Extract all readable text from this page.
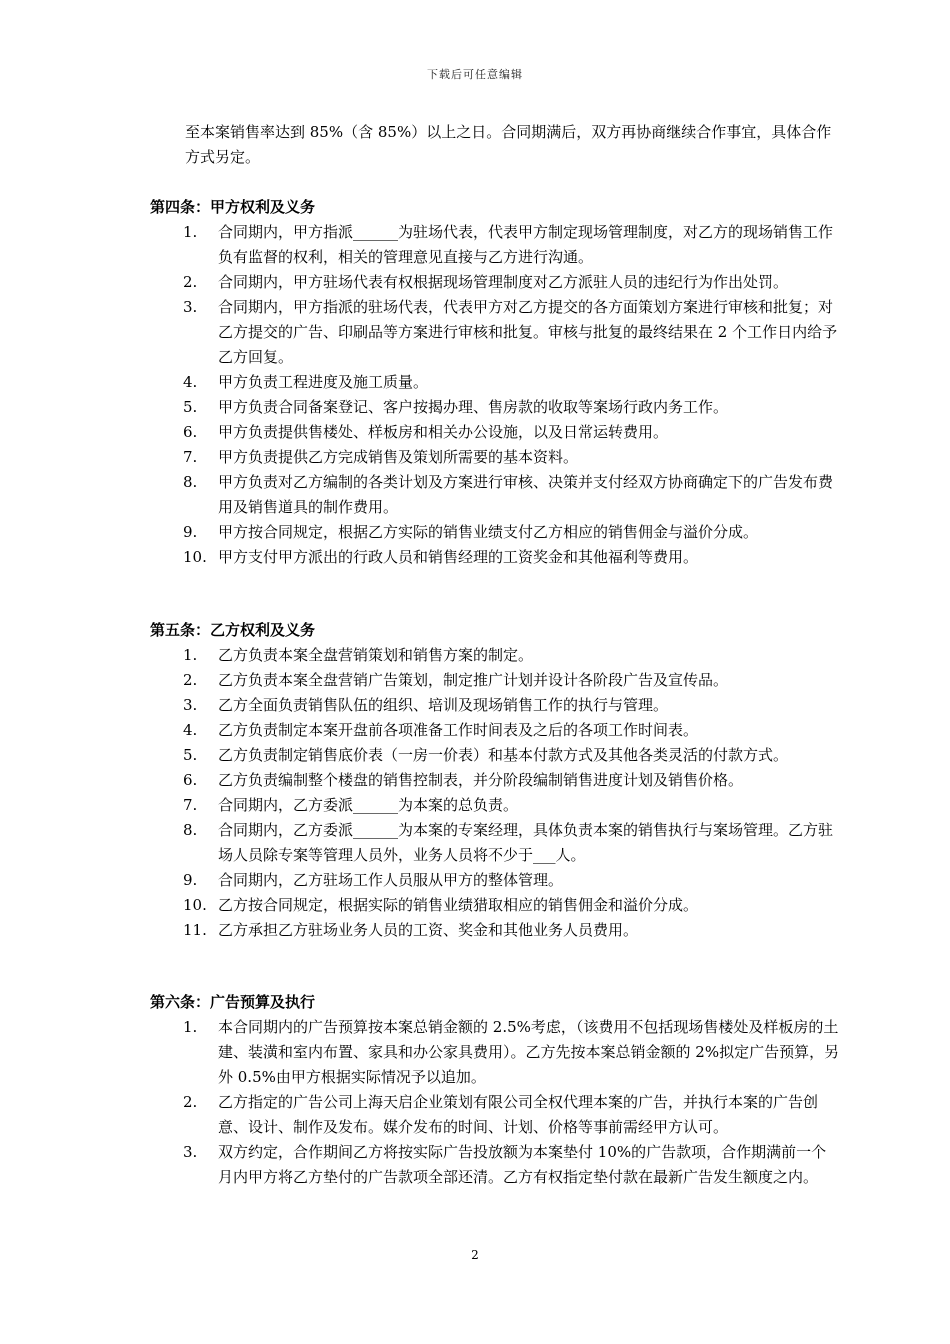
下载后可任意编辑
至本案销售率达到 85%（含 85%）以上之日。合同期满后，双方再协商继续合作事宜，具体合作方式另定。
第四条：甲方权利及义务
1.	合同期内，甲方指派______为驻场代表，代表甲方制定现场管理制度，对乙方的现场销售工作负有监督的权利，相关的管理意见直接与乙方进行沟通。
2.	合同期内，甲方驻场代表有权根据现场管理制度对乙方派驻人员的违纪行为作出处罚。
3.	合同期内，甲方指派的驻场代表，代表甲方对乙方提交的各方面策划方案进行审核和批复；对乙方提交的广告、印刷品等方案进行审核和批复。审核与批复的最终结果在 2 个工作日内给予乙方回复。
4.	甲方负责工程进度及施工质量。
5.	甲方负责合同备案登记、客户按揭办理、售房款的收取等案场行政内务工作。
6.	甲方负责提供售楼处、样板房和相关办公设施，以及日常运转费用。
7.	甲方负责提供乙方完成销售及策划所需要的基本资料。
8.	甲方负责对乙方编制的各类计划及方案进行审核、决策并支付经双方协商确定下的广告发布费用及销售道具的制作费用。
9.	甲方按合同规定，根据乙方实际的销售业绩支付乙方相应的销售佣金与溢价分成。
10. 甲方支付甲方派出的行政人员和销售经理的工资奖金和其他福利等费用。
第五条：乙方权利及义务
1.	乙方负责本案全盘营销策划和销售方案的制定。
2.	乙方负责本案全盘营销广告策划，制定推广计划并设计各阶段广告及宣传品。
3.	乙方全面负责销售队伍的组织、培训及现场销售工作的执行与管理。
4.	乙方负责制定本案开盘前各项准备工作时间表及之后的各项工作时间表。
5.	乙方负责制定销售底价表（一房一价表）和基本付款方式及其他各类灵活的付款方式。
6.	乙方负责编制整个楼盘的销售控制表，并分阶段编制销售进度计划及销售价格。
7.	合同期内，乙方委派______为本案的总负责。
8.	合同期内，乙方委派______为本案的专案经理，具体负责本案的销售执行与案场管理。乙方驻场人员除专案等管理人员外，业务人员将不少于___人。
9.	合同期内，乙方驻场工作人员服从甲方的整体管理。
10. 乙方按合同规定，根据实际的销售业绩猎取相应的销售佣金和溢价分成。
11. 乙方承担乙方驻场业务人员的工资、奖金和其他业务人员费用。
第六条：广告预算及执行
1.	本合同期内的广告预算按本案总销金额的 2.5%考虑，（该费用不包括现场售楼处及样板房的土建、装潢和室内布置、家具和办公家具费用）。乙方先按本案总销金额的 2%拟定广告预算，另外 0.5%由甲方根据实际情况予以追加。
2.	乙方指定的广告公司上海天启企业策划有限公司全权代理本案的广告，并执行本案的广告创意、设计、制作及发布。媒介发布的时间、计划、价格等事前需经甲方认可。
3.	双方约定，合作期间乙方将按实际广告投放额为本案垫付 10%的广告款项，合作期满前一个月内甲方将乙方垫付的广告款项全部还清。乙方有权指定垫付款在最新广告发生额度之内。
2
